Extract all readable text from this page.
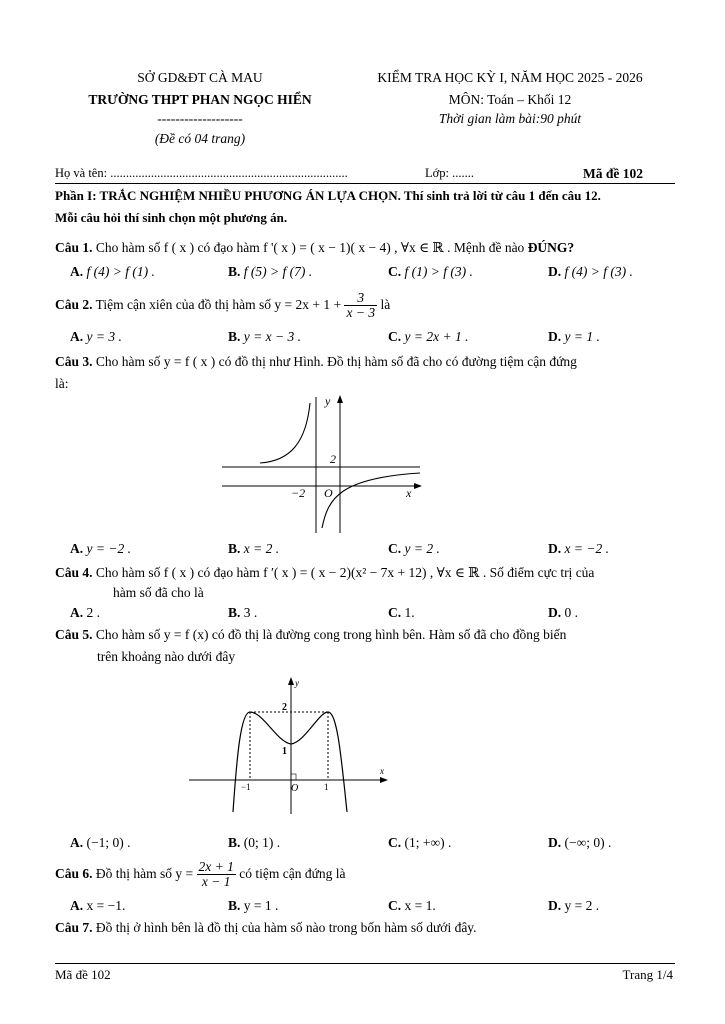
SỞ GD&ĐT CÀ MAU
TRƯỜNG THPT PHAN NGỌC HIỂN
-------------------
(Đề có 04 trang)
KIỂM TRA HỌC KỲ I, NĂM HỌC 2025 - 2026
MÔN: Toán – Khối 12
Thời gian làm bài:90 phút
Họ và tên: ............................................................................	Lớp: .......	Mã đề 102
Phần I: TRẮC NGHIỆM NHIỀU PHƯƠNG ÁN LỰA CHỌN. Thí sinh trả lời từ câu 1 đến câu 12.
Mỗi câu hỏi thí sinh chọn một phương án.
Câu 1. Cho hàm số f ( x ) có đạo hàm f '( x ) = ( x − 1)( x − 4) , ∀x ∈ ℝ . Mệnh đề nào ĐÚNG?
A. f (4) > f (1) .	B. f (5) > f (7) .	C. f (1) > f (3) .	D. f (4) > f (3) .
Câu 2. Tiệm cận xiên của đồ thị hàm số $y = 2x + 1 + \frac{3}{x - 3}$ là
A. y = 3 .	B. y = x − 3 .	C. y = 2x + 1 .	D. y = 1 .
Câu 3. Cho hàm số y = f ( x ) có đồ thị như Hình. Đồ thị hàm số đã cho có đường tiệm cận đứng
là:
y
2
−2 O	x
A. y = −2 .	B. x = 2 .	C. y = 2 .	D. x = −2 .
Câu 4. Cho hàm số f ( x ) có đạo hàm f ′( x ) = ( x − 2)(x² − 7x + 12) , ∀x ∈ ℝ . Số điểm cực trị của
hàm số đã cho là
A. 2 .	B. 3 .	C. 1.	D. 0 .
Câu 5. Cho hàm số y = f (x) có đồ thị là đường cong trong hình bên. Hàm số đã cho đồng biến
trên khoảng nào dưới đây
y
2
1
x
−1	O	1
A. (−1; 0) .	B. (0; 1) .	C. (1; +∞) .	D. (−∞; 0) .
Câu 6. Đồ thị hàm số $y = \frac{2x + 1}{x - 1}$ có tiệm cận đứng là
A. x = −1.	B. y = 1 .	C. x = 1.	D. y = 2 .
Câu 7. Đồ thị ở hình bên là đồ thị của hàm số nào trong bốn hàm số dưới đây.
Mã đề 102	Trang 1/4
